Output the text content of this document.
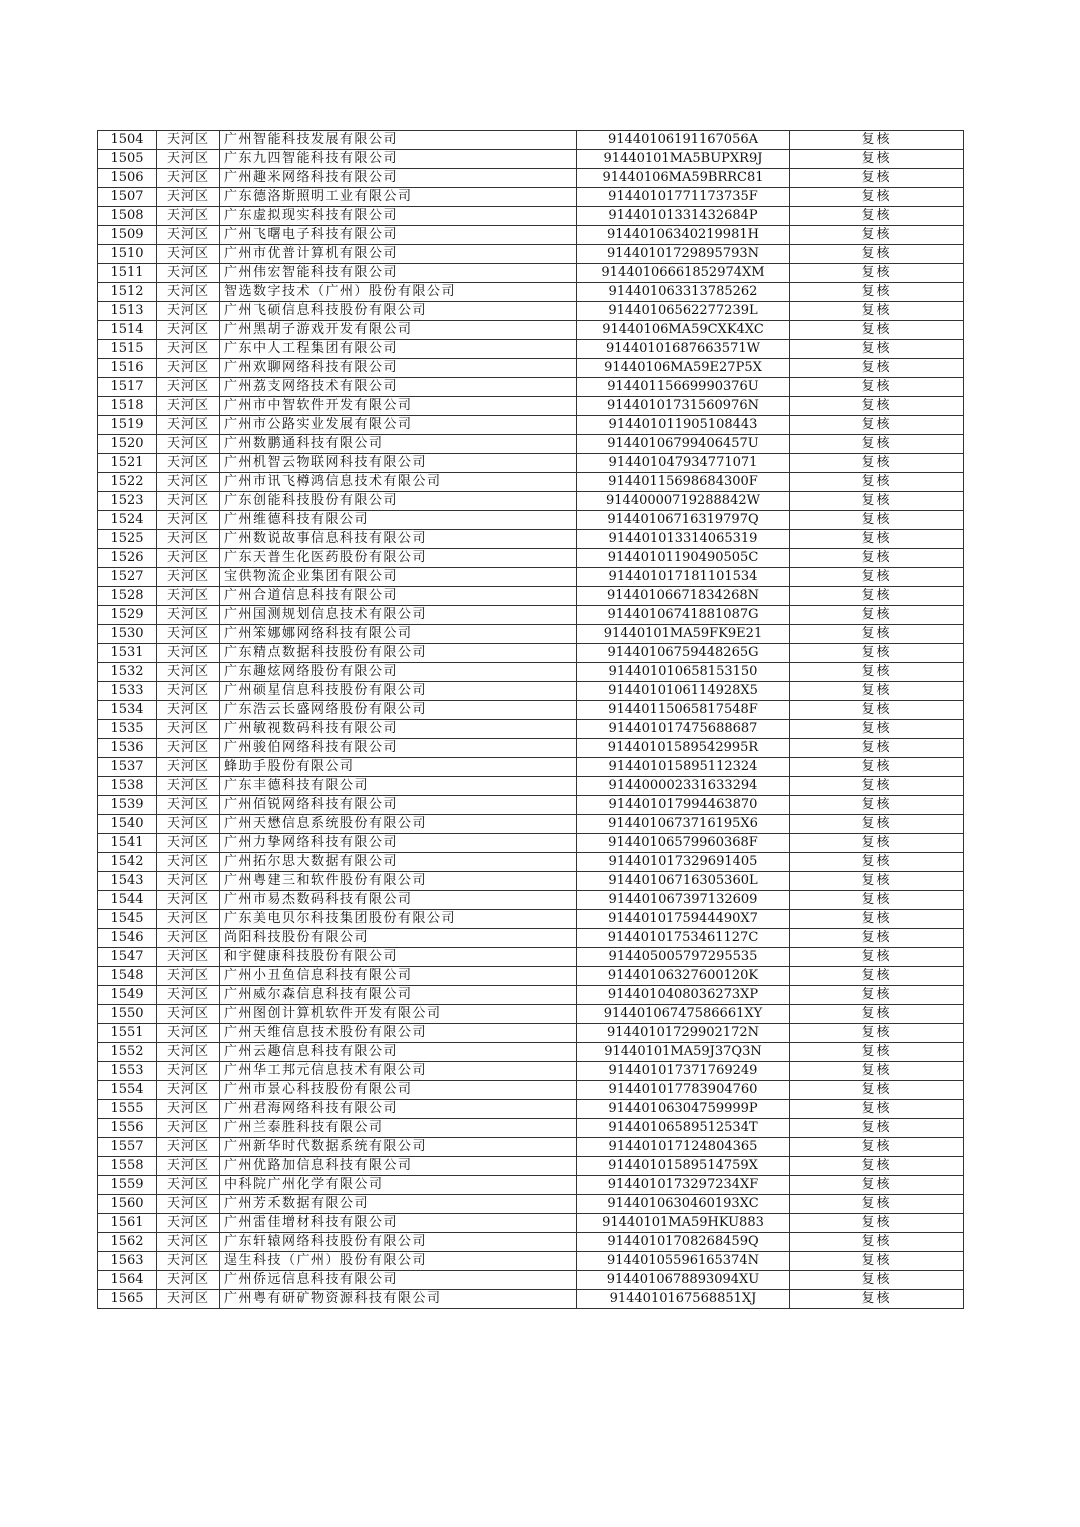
1504	天河区	广州智能科技发展有限公司	91440106191167056A	复核
1505	天河区	广东九四智能科技有限公司	91440101MA5BUPXR9J	复核
1506	天河区	广州趣米网络科技有限公司	91440106MA59BRRC81	复核
1507	天河区	广东德洛斯照明工业有限公司	91440101771173735F	复核
1508	天河区	广东虚拟现实科技有限公司	91440101331432684P	复核
1509	天河区	广州飞曙电子科技有限公司	91440106340219981H	复核
1510	天河区	广州市优普计算机有限公司	91440101729895793N	复核
1511	天河区	广州伟宏智能科技有限公司	91440106661852974XM	复核
1512	天河区	智选数字技术（广州）股份有限公司	914401063313785262	复核
1513	天河区	广州飞硕信息科技股份有限公司	91440106562277239L	复核
1514	天河区	广州黑胡子游戏开发有限公司	91440106MA59CXK4XC	复核
1515	天河区	广东中人工程集团有限公司	91440101687663571W	复核
1516	天河区	广州欢聊网络科技有限公司	91440106MA59E27P5X	复核
1517	天河区	广州荔支网络技术有限公司	91440115669990376U	复核
1518	天河区	广州市中智软件开发有限公司	91440101731560976N	复核
1519	天河区	广州市公路实业发展有限公司	914401011905108443	复核
1520	天河区	广州数鹏通科技有限公司	91440106799406457U	复核
1521	天河区	广州机智云物联网科技有限公司	914401047934771071	复核
1522	天河区	广州市讯飞樽鸿信息技术有限公司	91440115698684300F	复核
1523	天河区	广东创能科技股份有限公司	91440000719288842W	复核
1524	天河区	广州维德科技有限公司	91440106716319797Q	复核
1525	天河区	广州数说故事信息科技有限公司	914401013314065319	复核
1526	天河区	广东天普生化医药股份有限公司	91440101190490505C	复核
1527	天河区	宝供物流企业集团有限公司	914401017181101534	复核
1528	天河区	广州合道信息科技有限公司	91440106671834268N	复核
1529	天河区	广州国测规划信息技术有限公司	91440106741881087G	复核
1530	天河区	广州笨娜娜网络科技有限公司	91440101MA59FK9E21	复核
1531	天河区	广东精点数据科技股份有限公司	91440106759448265G	复核
1532	天河区	广东趣炫网络股份有限公司	914401010658153150	复核
1533	天河区	广州硕星信息科技股份有限公司	9144010106114928X5	复核
1534	天河区	广东浩云长盛网络股份有限公司	91440115065817548F	复核
1535	天河区	广州敏视数码科技有限公司	914401017475688687	复核
1536	天河区	广州骏伯网络科技有限公司	91440101589542995R	复核
1537	天河区	蜂助手股份有限公司	914401015895112324	复核
1538	天河区	广东丰德科技有限公司	914400002331633294	复核
1539	天河区	广州佰锐网络科技有限公司	914401017994463870	复核
1540	天河区	广州天懋信息系统股份有限公司	9144010673716195X6	复核
1541	天河区	广州力挚网络科技有限公司	91440106579960368F	复核
1542	天河区	广州拓尔思大数据有限公司	914401017329691405	复核
1543	天河区	广州粤建三和软件股份有限公司	91440106716305360L	复核
1544	天河区	广州市易杰数码科技有限公司	914401067397132609	复核
1545	天河区	广东美电贝尔科技集团股份有限公司	9144010175944490X7	复核
1546	天河区	尚阳科技股份有限公司	91440101753461127C	复核
1547	天河区	和宇健康科技股份有限公司	914405005797295535	复核
1548	天河区	广州小丑鱼信息科技有限公司	91440106327600120K	复核
1549	天河区	广州威尔森信息科技有限公司	9144010408036273XP	复核
1550	天河区	广州图创计算机软件开发有限公司	91440106747586661XY	复核
1551	天河区	广州天维信息技术股份有限公司	91440101729902172N	复核
1552	天河区	广州云趣信息科技有限公司	91440101MA59J37Q3N	复核
1553	天河区	广州华工邦元信息技术有限公司	914401017371769249	复核
1554	天河区	广州市景心科技股份有限公司	914401017783904760	复核
1555	天河区	广州君海网络科技有限公司	91440106304759999P	复核
1556	天河区	广州兰泰胜科技有限公司	91440106589512534T	复核
1557	天河区	广州新华时代数据系统有限公司	914401017124804365	复核
1558	天河区	广州优路加信息科技有限公司	91440101589514759X	复核
1559	天河区	中科院广州化学有限公司	9144010173297234XF	复核
1560	天河区	广州芳禾数据有限公司	9144010630460193XC	复核
1561	天河区	广州雷佳增材科技有限公司	91440101MA59HKU883	复核
1562	天河区	广东轩辕网络科技股份有限公司	91440101708268459Q	复核
1563	天河区	逞生科技（广州）股份有限公司	91440105596165374N	复核
1564	天河区	广州侨远信息科技有限公司	9144010678893094XU	复核
1565	天河区	广州粤有研矿物资源科技有限公司	9144010167568851XJ	复核
